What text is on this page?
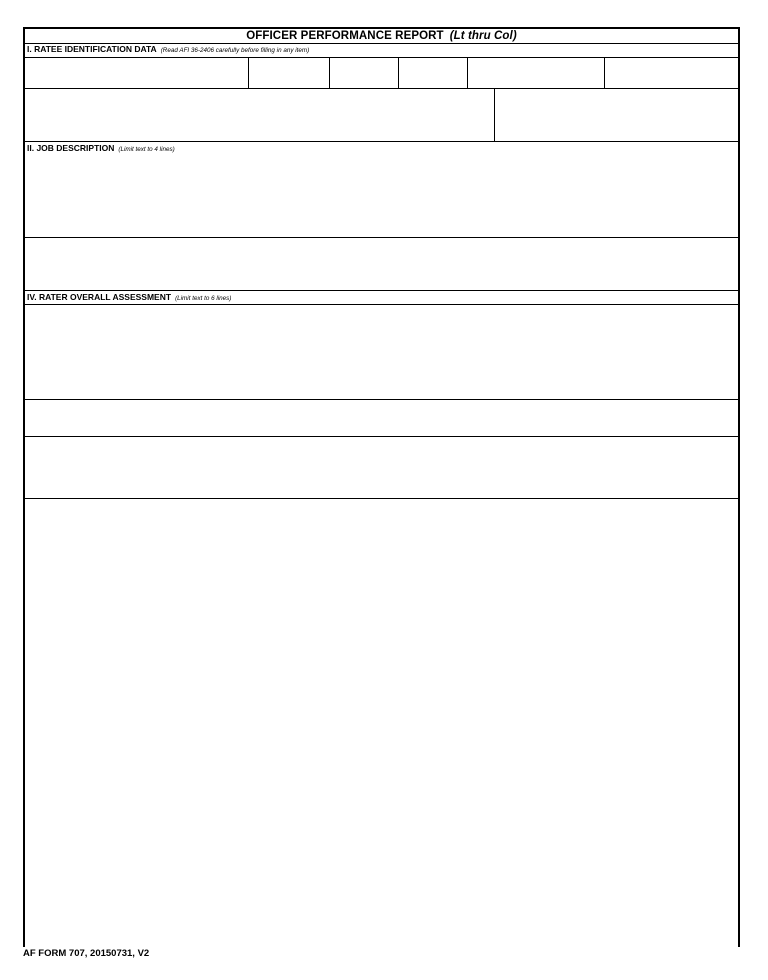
OFFICER PERFORMANCE REPORT (Lt thru Col)
I. RATEE IDENTIFICATION DATA (Read AFI 36-2406 carefully before filling in any item)
II. JOB DESCRIPTION (Limit text to 4 lines)
IV. RATER OVERALL ASSESSMENT (Limit text to 6 lines)
AF FORM 707, 20150731, V2
